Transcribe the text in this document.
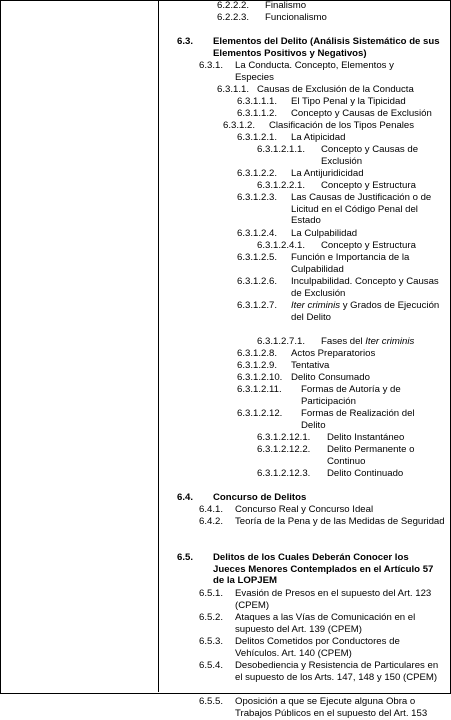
6.2.2.2. Finalismo
6.2.2.3. Funcionalismo
6.3. Elementos del Delito (Análisis Sistemático de sus Elementos Positivos y Negativos)
6.3.1. La Conducta. Concepto, Elementos y Especies
6.3.1.1. Causas de Exclusión de la Conducta
6.3.1.1.1. El Tipo Penal y la Tipicidad
6.3.1.1.2. Concepto y Causas de Exclusión
6.3.1.2. Clasificación de los Tipos Penales
6.3.1.2.1. La Atipicidad
6.3.1.2.1.1. Concepto y Causas de Exclusión
6.3.1.2.2. La Antijuridicidad
6.3.1.2.2.1. Concepto y Estructura
6.3.1.2.3. Las Causas de Justificación o de Licitud en el Código Penal del Estado
6.3.1.2.4. La Culpabilidad
6.3.1.2.4.1. Concepto y Estructura
6.3.1.2.5. Función e Importancia de la Culpabilidad
6.3.1.2.6. Inculpabilidad. Concepto y Causas de Exclusión
6.3.1.2.7. Iter criminis y Grados de Ejecución del Delito
6.3.1.2.7.1. Fases del Iter criminis
6.3.1.2.8. Actos Preparatorios
6.3.1.2.9. Tentativa
6.3.1.2.10. Delito Consumado
6.3.1.2.11. Formas de Autoría y de Participación
6.3.1.2.12. Formas de Realización del Delito
6.3.1.2.12.1. Delito Instantáneo
6.3.1.2.12.2. Delito Permanente o Continuo
6.3.1.2.12.3. Delito Continuado
6.4. Concurso de Delitos
6.4.1. Concurso Real y Concurso Ideal
6.4.2. Teoría de la Pena y de las Medidas de Seguridad
6.5. Delitos de los Cuales Deberán Conocer los Jueces Menores Contemplados en el Artículo 57 de la LOPJEM
6.5.1. Evasión de Presos en el supuesto del Art. 123 (CPEM)
6.5.2. Ataques a las Vías de Comunicación en el supuesto del Art. 139 (CPEM)
6.5.3. Delitos Cometidos por Conductores de Vehículos. Art. 140 (CPEM)
6.5.4. Desobediencia y Resistencia de Particulares en el supuesto de los Arts. 147, 148 y 150 (CPEM)
6.5.5. Oposición a que se Ejecute alguna Obra o Trabajos Públicos en el supuesto del Art. 153
